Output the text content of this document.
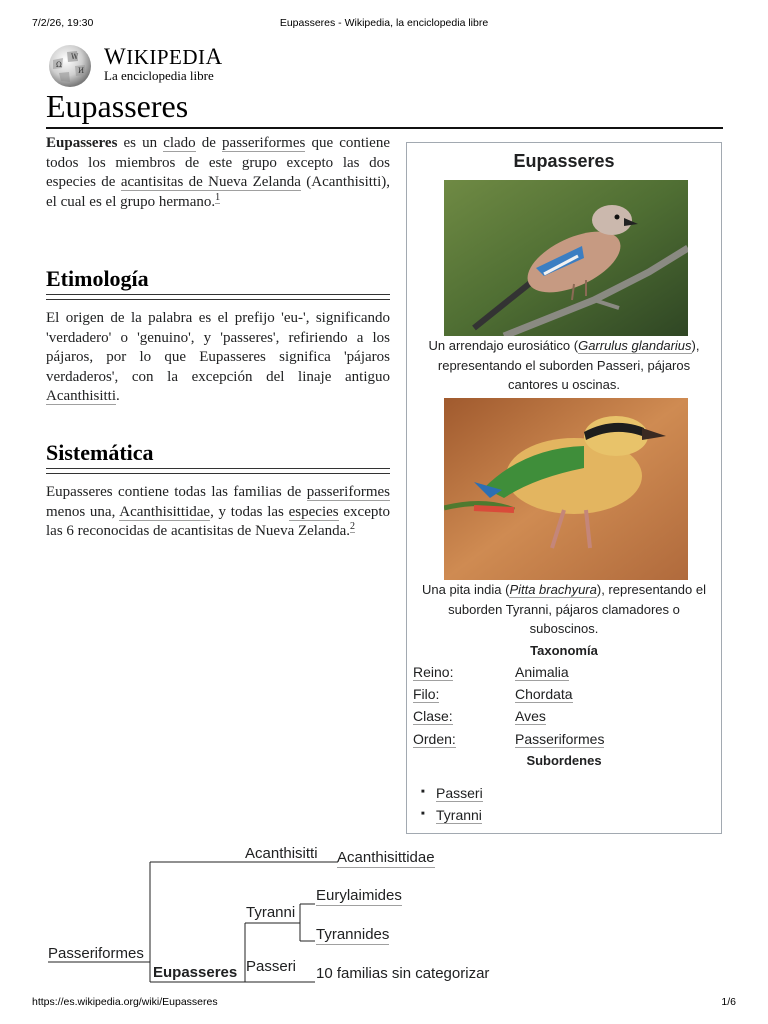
7/2/26, 19:30	Eupasseres - Wikipedia, la enciclopedia libre
Ω
W
И
WIKIPEDIA
La enciclopedia libre
Eupasseres

Eupasseres es un clado de passeriformes que contiene todos los miembros de este grupo excepto las dos especies de acantisitas de Nueva Zelanda (Acanthisitti), el cual es el grupo hermano.$^1$

Etimología

El origen de la palabra es el prefijo 'eu-', significando 'verdadero' o 'genuino', y 'passeres', refiriendo a los pájaros, por lo que Eupasseres significa 'pájaros verdaderos', con la excepción del linaje antiguo Acanthisitti.

Sistemática

Eupasseres contiene todas las familias de passeriformes menos una, Acanthisittidae, y todas las especies excepto las 6 reconocidas de acantisitas de Nueva Zelanda.$^2$

Eupasseres
Un arrendajo eurosiático (Garrulus glandarius), representando el suborden Passeri, pájaros cantores u oscinas.
Una pita india (Pitta brachyura), representando el suborden Tyranni, pájaros clamadores o suboscinos.
Taxonomía
Reino:	Animalia
Filo:	Chordata
Clase:	Aves
Orden:	Passeriformes
Subordenes
■ Passeri
■ Tyranni
Passeriformes
Acanthisitti Acanthisittidae
Eupasseres
Tyranni
Eurylaimides
Tyrannides
Passeri 10 familias sin categorizar
https://es.wikipedia.org/wiki/Eupasseres	1/6
